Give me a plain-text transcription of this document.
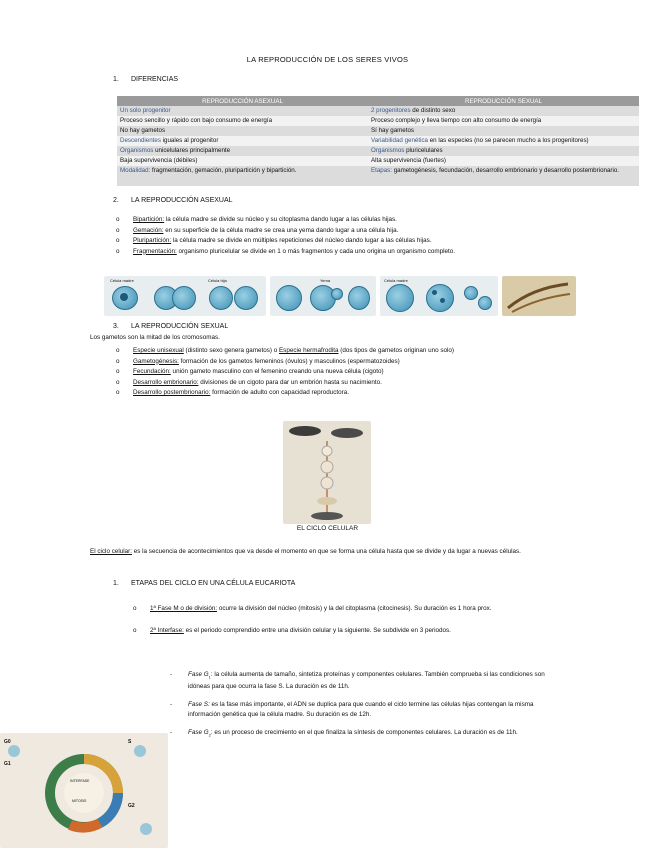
LA REPRODUCCIÓN DE LOS SERES VIVOS
1. DIFERENCIAS
REPRODUCCIÓN ASEXUAL	REPRODUCCIÓN SEXUAL
Un solo progenitor	2 progenitores de distinto sexo
Proceso sencillo y rápido con bajo consumo de energía	Proceso complejo y lleva tiempo con alto consumo de energía
No hay gametos	Sí hay gametos
Descendientes iguales al progenitor	Variabilidad genética en las especies (no se parecen mucho a los progenitores)
Organismos unicelulares principalmente	Organismos pluricelulares
Baja supervivencia (débiles)	Alta supervivencia (fuertes)
Modalidad: fragmentación, gemación, pluripartición y bipartición.	Etapas: gametogénesis, fecundación, desarrollo embrionario y desarrollo postembrionario.
2. LA REPRODUCCIÓN ASEXUAL
o Bipartición: la célula madre se divide su núcleo y su citoplasma dando lugar a las células hijas.
o Gemación: en su superficie de la célula madre se crea una yema dando lugar a una célula hija.
o Pluripartición: la célula madre se divide en múltiples repeticiones del núcleo dando lugar a las células hijas.
o Fragmentación: organismo pluricelular se divide en 1 o más fragmentos y cada uno origina un organismo completo.
Célula madre	Célula hija	Yema	Célula madre
3. LA REPRODUCCIÓN SEXUAL
Los gametos son la mitad de los cromosomas.
o Especie unisexual (distinto sexo genera gametos) o Especie hermafrodita (dos tipos de gametos originan uno solo)
o Gametogénesis: formación de los gametos femeninos (óvulos) y masculinos (espermatozoides)
o Fecundación: unión gameto masculino con el femenino creando una nueva célula (cigoto)
o Desarrollo embrionario: divisiones de un cigoto para dar un embrión hasta su nacimiento.
o Desarrollo postembrionario: formación de adulto con capacidad reproductora.
EL CICLO CELULAR
El ciclo celular: es la secuencia de acontecimientos que va desde el momento en que se forma una célula hasta que se divide y da lugar a nuevas células.
1. ETAPAS DEL CICLO EN UNA CÉLULA EUCARIOTA
o 1ª Fase M o de división: ocurre la división del núcleo (mitosis) y la del citoplasma (citocinesis). Su duración es 1 hora prox.
o 2ª Interfase: es el periodo comprendido entre una división celular y la siguiente. Se subdivide en 3 periodos.
- Fase $G_1$: la célula aumenta de tamaño, sintetiza proteínas y componentes celulares. También comprueba si las condiciones son idóneas para que ocurra la fase S. La duración es de 11h.
- Fase S: es la fase más importante, el ADN se duplica para que cuando el ciclo termine las células hijas contengan la misma información genética que la célula madre. Su duración es de 12h.
- Fase $G_2$: es un proceso de crecimiento en el que finaliza la síntesis de componentes celulares. La duración es de 11h.
G0
G1
S
G2
INTERFASE
MITOSIS
